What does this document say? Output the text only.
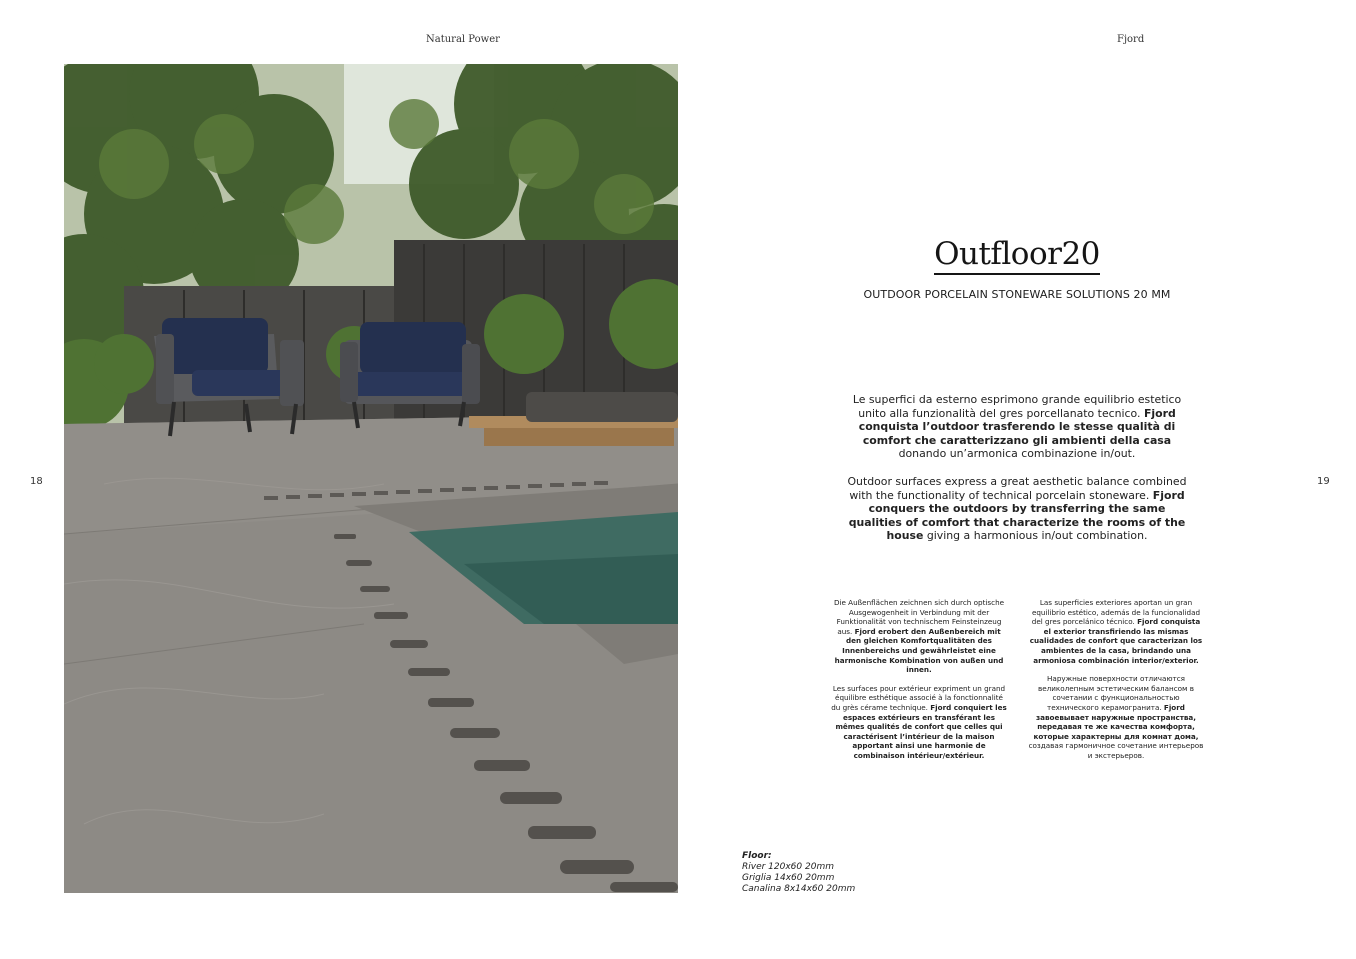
Natural Power	Fjord
18	19
Outfloor20
OUTDOOR PORCELAIN STONEWARE SOLUTIONS 20 MM
Le superfici da esterno esprimono grande equilibrio estetico unito alla funzionalità del gres porcellanato tecnico. Fjord conquista l’outdoor trasferendo le stesse qualità di comfort che caratterizzano gli ambienti della casa donando un’armonica combinazione in/out.
Outdoor surfaces express a great aesthetic balance combined with the functionality of technical porcelain stoneware. Fjord conquers the outdoors by transferring the same qualities of comfort that characterize the rooms of the house giving a harmonious in/out combination.

Die Außenflächen zeichnen sich durch optische Ausgewogenheit in Verbindung mit der Funktionalität von technischem Feinsteinzeug aus. Fjord erobert den Außenbereich mit den gleichen Komfortqualitäten des Innenbereichs und gewährleistet eine harmonische Kombination von außen und innen.

Les surfaces pour extérieur expriment un grand équilibre esthétique associé à la fonctionnalité du grès cérame technique. Fjord conquiert les espaces extérieurs en transférant les mêmes qualités de confort que celles qui caractérisent l’intérieur de la maison apportant ainsi une harmonie de combinaison intérieur/extérieur.

Las superficies exteriores aportan un gran equilibrio estético, además de la funcionalidad del gres porcelánico técnico. Fjord conquista el exterior transfiriendo las mismas cualidades de confort que caracterizan los ambientes de la casa, brindando una armoniosa combinación interior/exterior.

Наружные поверхности отличаются великолепным эстетическим балансом в сочетании с функциональностью технического керамогранита. Fjord завоевывает наружные пространства, передавая те же качества комфорта, которые характерны для комнат дома, создавая гармоничное сочетание интерьеров и экстерьеров.

Floor:
River 120x60 20mm
Griglia 14x60 20mm
Canalina 8x14x60 20mm
